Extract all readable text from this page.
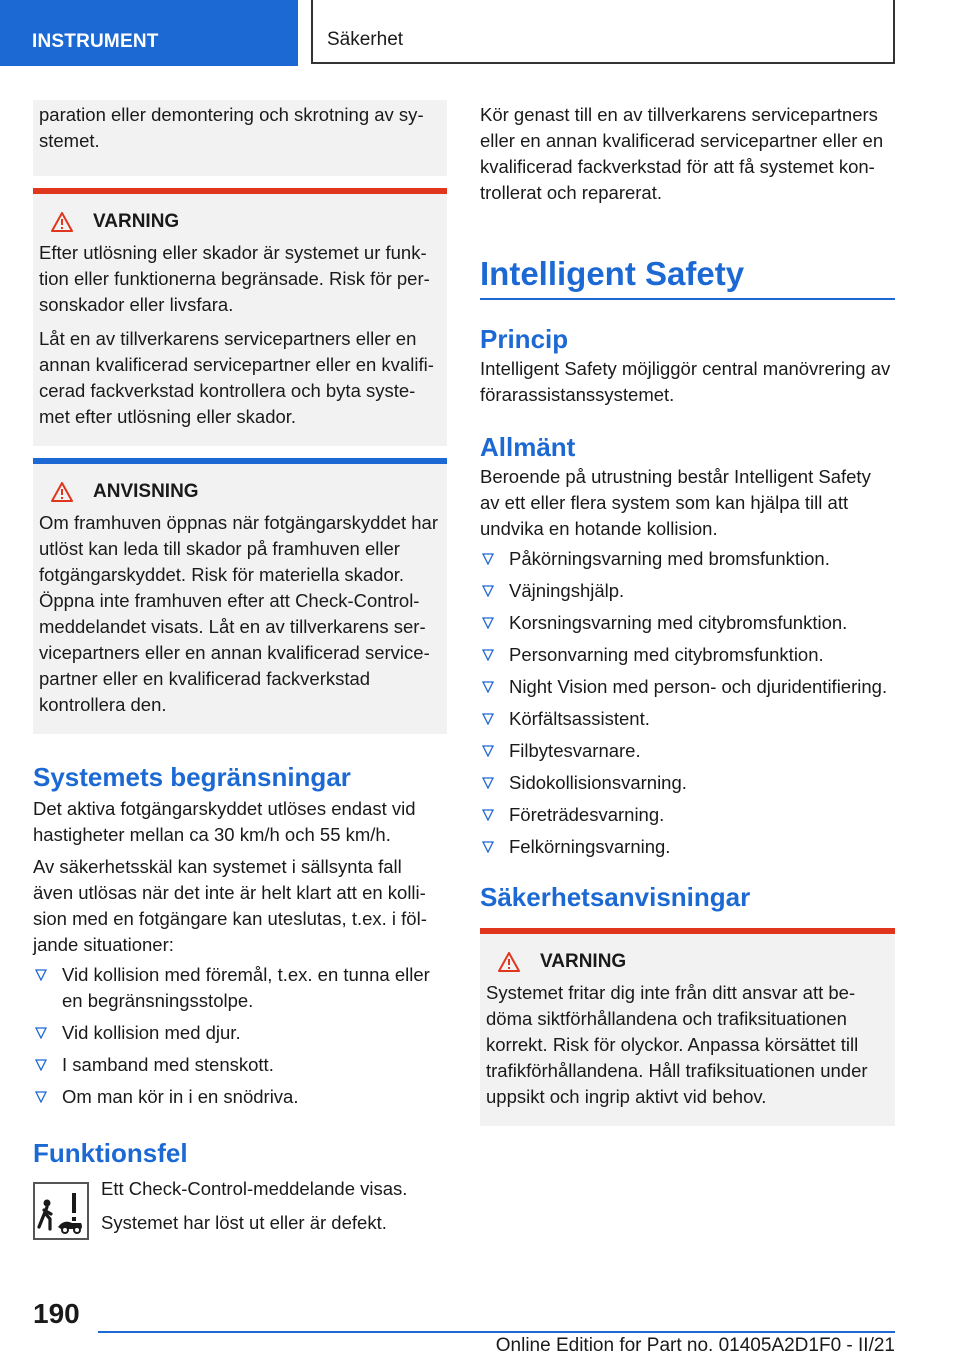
INSTRUMENT	Säkerhet

paration eller demontering och skrotning av systemet.

VARNING

Efter utlösning eller skador är systemet ur funktion eller funktionerna begränsade. Risk för personskador eller livsfara.

Låt en av tillverkarens servicepartners eller en annan kvalificerad servicepartner eller en kvalificerad fackverkstad kontrollera och byta systemet efter utlösning eller skador.

ANVISNING

Om framhuven öppnas när fotgängarskyddet har utlöst kan leda till skador på framhuven eller fotgängarskyddet. Risk för materiella skador. Öppna inte framhuven efter att Check-Control-meddelandet visats. Låt en av tillverkarens servicepartners eller en annan kvalificerad servicepartner eller en kvalificerad fackverkstad kontrollera den.

Systemets begränsningar

Det aktiva fotgängarskyddet utlöses endast vid hastigheter mellan ca 30 km/h och 55 km/h.

Av säkerhetsskäl kan systemet i sällsynta fall även utlösas när det inte är helt klart att en kollision med en fotgängare kan uteslutas, t.ex. i följande situationer:

Vid kollision med föremål, t.ex. en tunna eller en begränsningsstolpe.
Vid kollision med djur.
I samband med stenskott.
Om man kör in i en snödriva.
Funktionsfel

Ett Check-Control-meddelande visas.

Systemet har löst ut eller är defekt.

Kör genast till en av tillverkarens servicepartners eller en annan kvalificerad servicepartner eller en kvalificerad fackverkstad för att få systemet kontrollerat och reparerat.

Intelligent Safety
Princip

Intelligent Safety möjliggör central manövrering av förarassistanssystemet.

Allmänt

Beroende på utrustning består Intelligent Safety av ett eller flera system som kan hjälpa till att undvika en hotande kollision.

Påkörningsvarning med bromsfunktion.
Väjningshjälp.
Korsningsvarning med citybromsfunktion.
Personvarning med citybromsfunktion.
Night Vision med person- och djuridentifiering.
Körfältsassistent.
Filbytesvarnare.
Sidokollisionsvarning.
Företrädesvarning.
Felkörningsvarning.
Säkerhetsanvisningar
VARNING

Systemet fritar dig inte från ditt ansvar att bedöma siktförhållandena och trafiksituationen korrekt. Risk för olyckor. Anpassa körsättet till trafikförhållandena. Håll trafiksituationen under uppsikt och ingrip aktivt vid behov.

190
Online Edition for Part no. 01405A2D1F0 - II/21
